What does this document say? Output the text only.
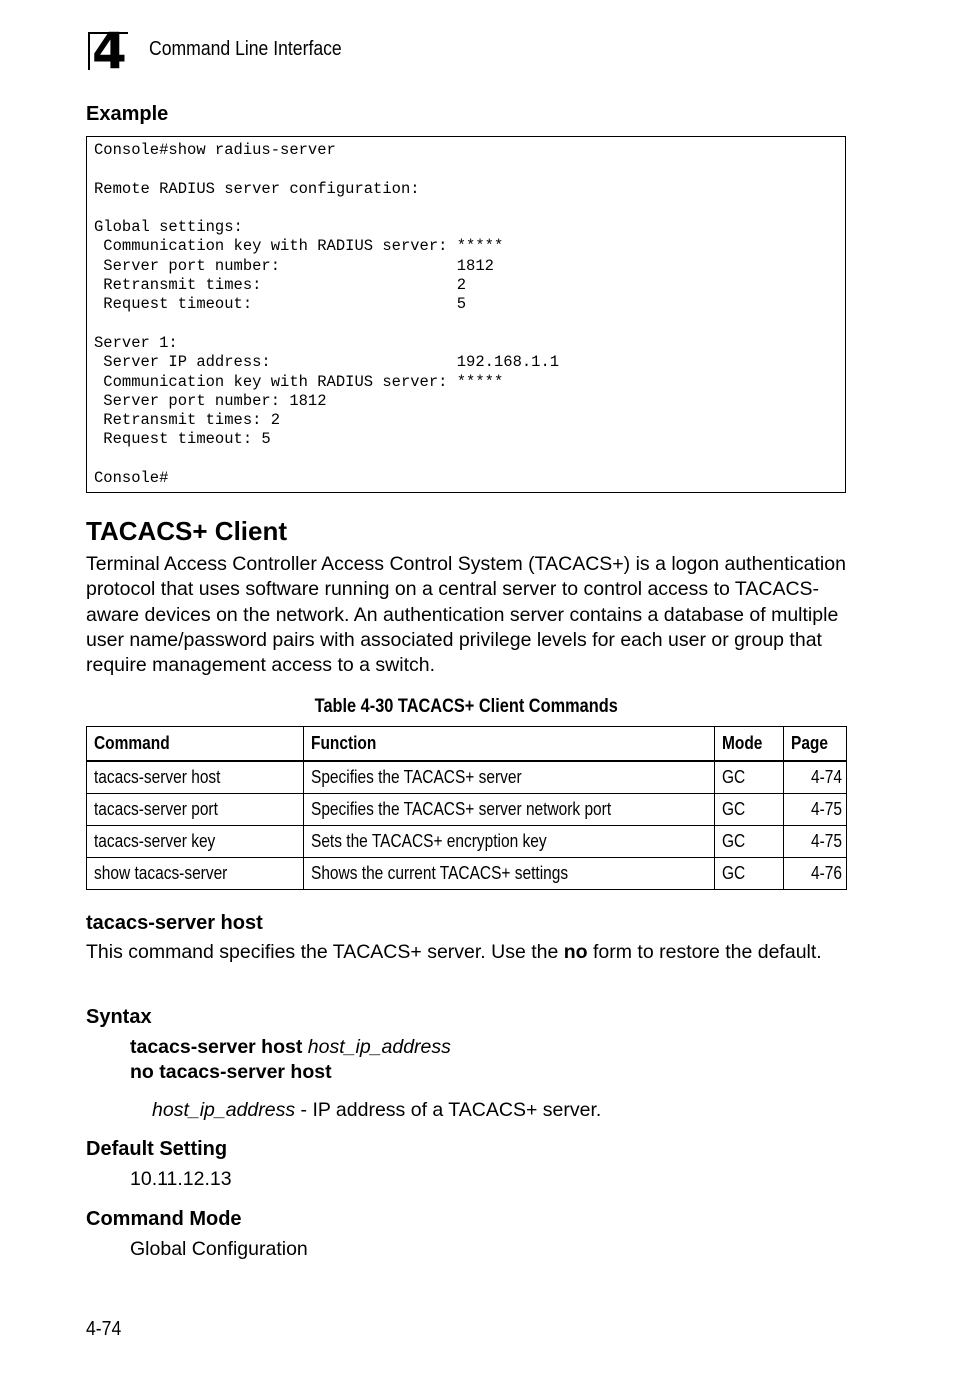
4 Command Line Interface
Example
Console#show radius-server

Remote RADIUS server configuration:

Global settings:
Communication key with RADIUS server: *****
Server port number:                   1812
Retransmit times:                     2
Request timeout:                      5

Server 1:
Server IP address:                    192.168.1.1
Communication key with RADIUS server: *****
Server port number: 1812
Retransmit times: 2
Request timeout: 5

Console#
TACACS+ Client
Terminal Access Controller Access Control System (TACACS+) is a logon authentication protocol that uses software running on a central server to control access to TACACS-aware devices on the network. An authentication server contains a database of multiple user name/password pairs with associated privilege levels for each user or group that require management access to a switch.
Table 4-30 TACACS+ Client Commands
Command	Function	Mode	Page
tacacs-server host	Specifies the TACACS+ server	GC	4-74
tacacs-server port	Specifies the TACACS+ server network port	GC	4-75
tacacs-server key	Sets the TACACS+ encryption key	GC	4-75
show tacacs-server	Shows the current TACACS+ settings	GC	4-76
tacacs-server host
This command specifies the TACACS+ server. Use the no form to restore the default.
Syntax
tacacs-server host host_ip_address
no tacacs-server host
host_ip_address - IP address of a TACACS+ server.
Default Setting
10.11.12.13
Command Mode
Global Configuration
4-74
